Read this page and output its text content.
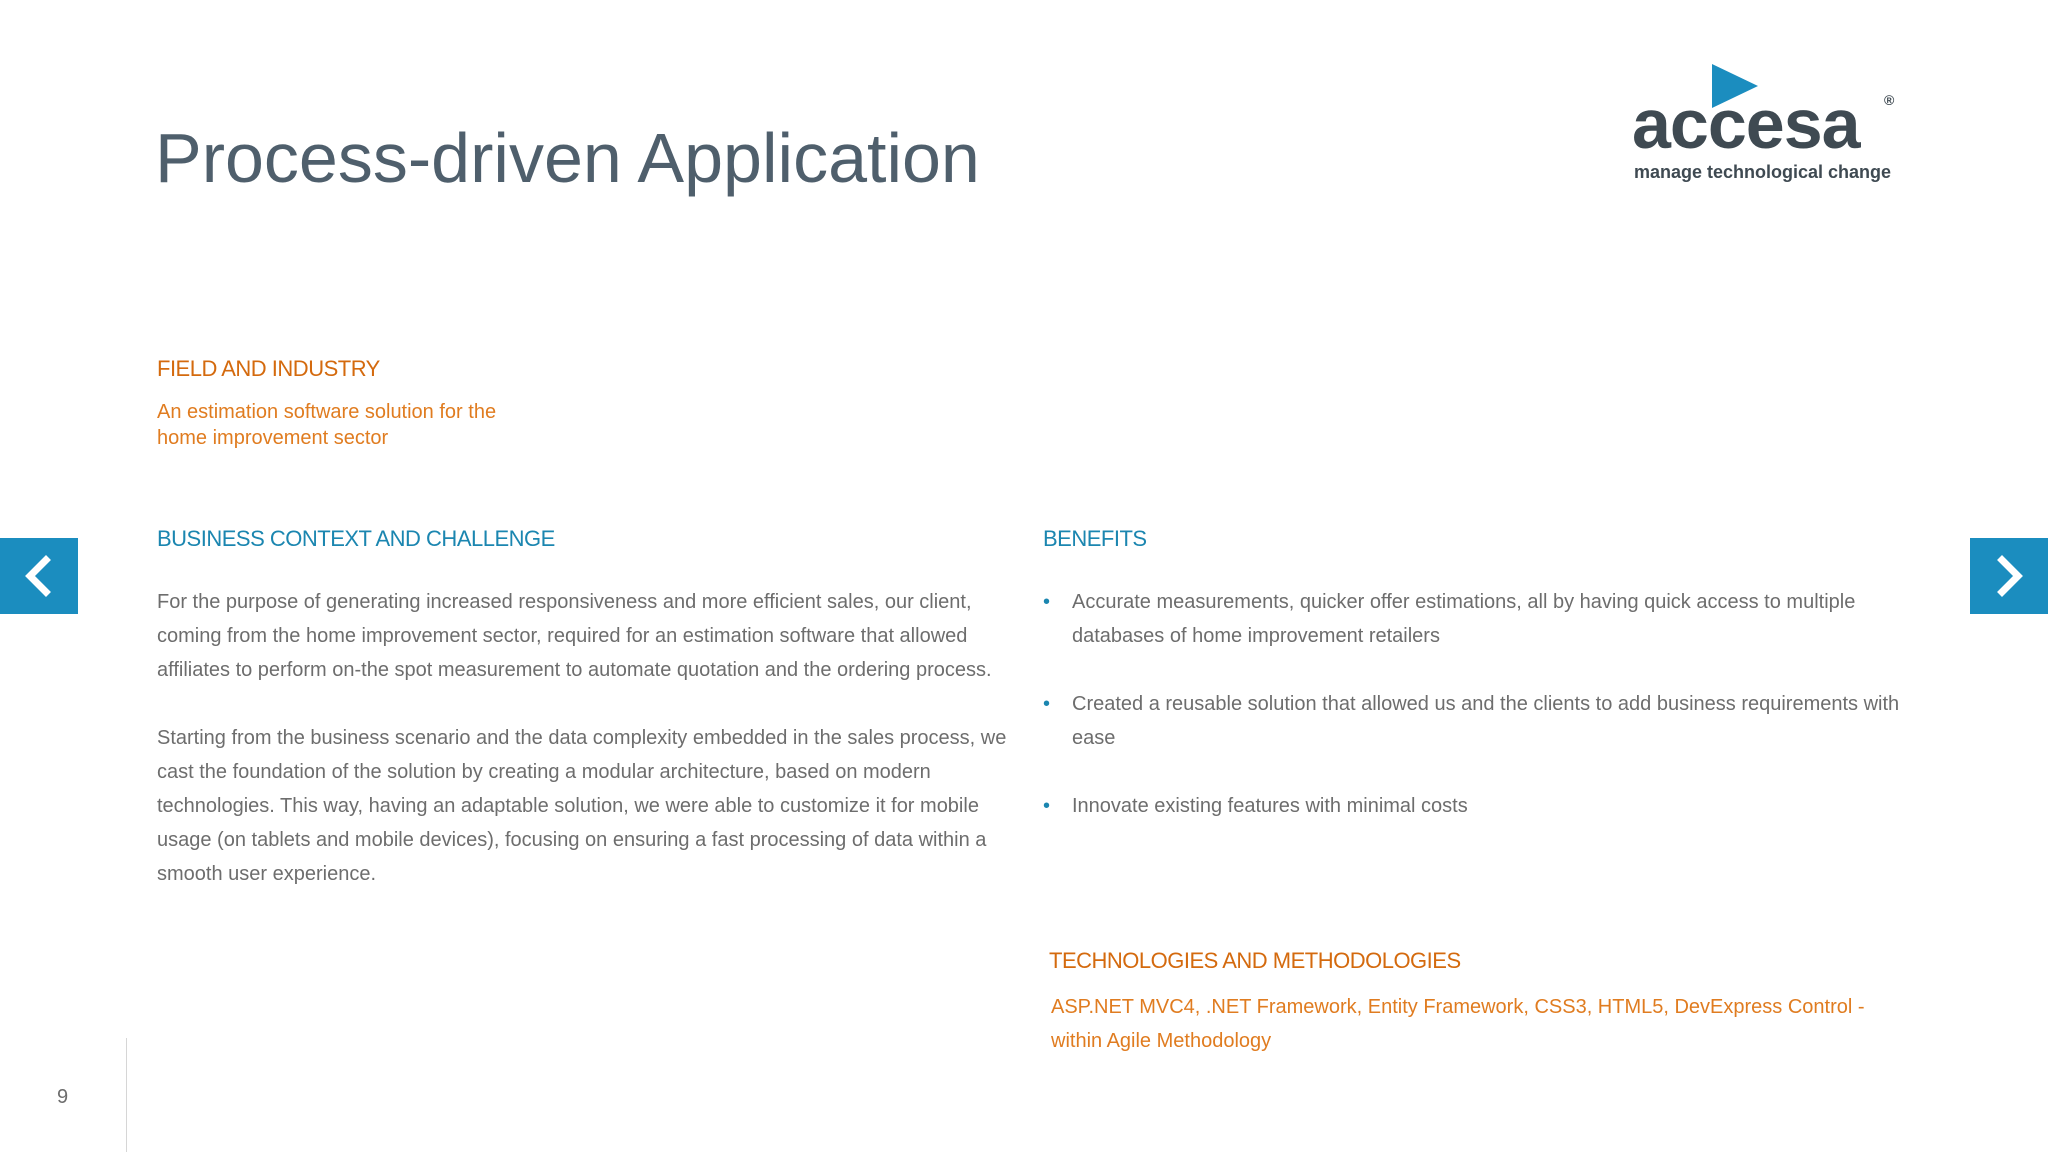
Process-driven Application	accesa ®
manage technological change
FIELD AND INDUSTRY
An estimation software solution for the
home improvement sector
BUSINESS CONTEXT AND CHALLENGE

For the purpose of generating increased responsiveness and more efficient sales, our client, coming from the home improvement sector, required for an estimation software that allowed affiliates to perform on-the spot measurement to automate quotation and the ordering process.

Starting from the business scenario and the data complexity embedded in the sales process, we cast the foundation of the solution by creating a modular architecture, based on modern technologies. This way, having an adaptable solution, we were able to customize it for mobile usage (on tablets and mobile devices), focusing on ensuring a fast processing of data within a smooth user experience.

BENEFITS
• Accurate measurements, quicker offer estimations, all by having quick access to multiple databases of home improvement retailers
• Created a reusable solution that allowed us and the clients to add business requirements with ease
• Innovate existing features with minimal costs
TECHNOLOGIES AND METHODOLOGIES
ASP.NET MVC4, .NET Framework, Entity Framework, CSS3, HTML5, DevExpress Control -
within Agile Methodology
9
